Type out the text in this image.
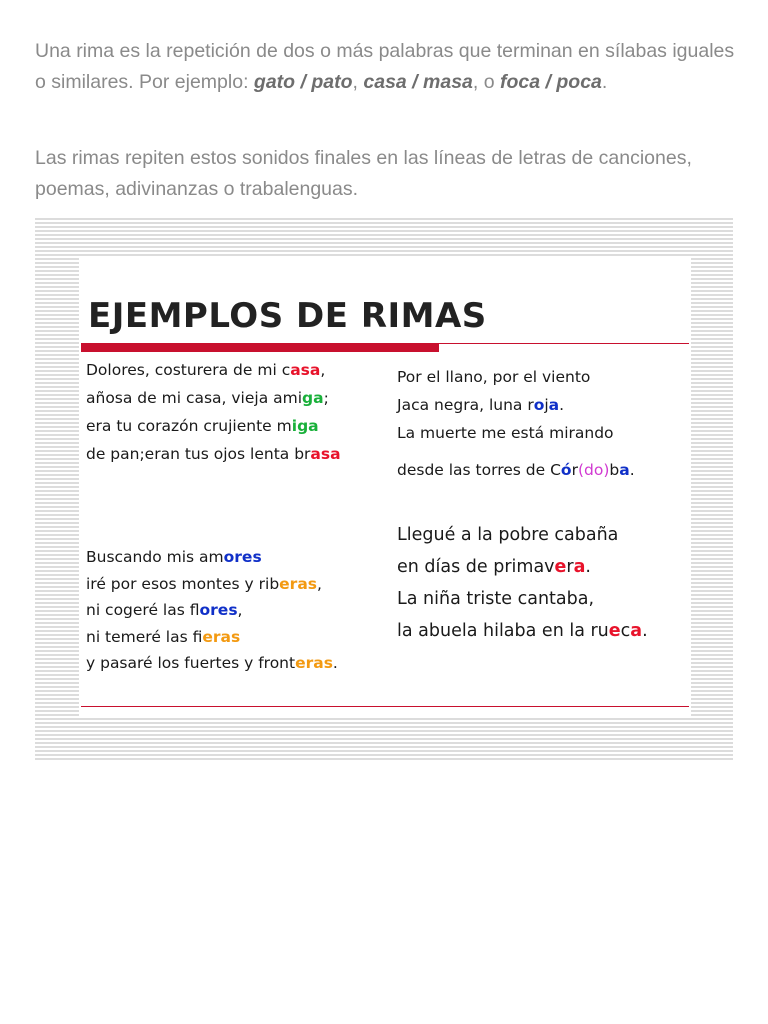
Una rima es la repetición de dos o más palabras que terminan en sílabas iguales o similares. Por ejemplo: gato / pato, casa / masa, o foca / poca.

Las rimas repiten estos sonidos finales en las líneas de letras de canciones, poemas, adivinanzas o trabalenguas.

EJEMPLOS DE RIMAS
Dolores, costurera de mi casa,
añosa de mi casa, vieja amiga;
era tu corazón crujiente miga
de pan;eran tus ojos lenta brasa
Por el llano, por el viento
Jaca negra, luna roja.
La muerte me está mirando
desde las torres de Cór(do)ba.
Buscando mis amores
iré por esos montes y riberas,
ni cogeré las flores,
ni temeré las fieras
y pasaré los fuertes y fronteras.
Llegué a la pobre cabaña
en días de primavera.
La niña triste cantaba,
la abuela hilaba en la rueca.
